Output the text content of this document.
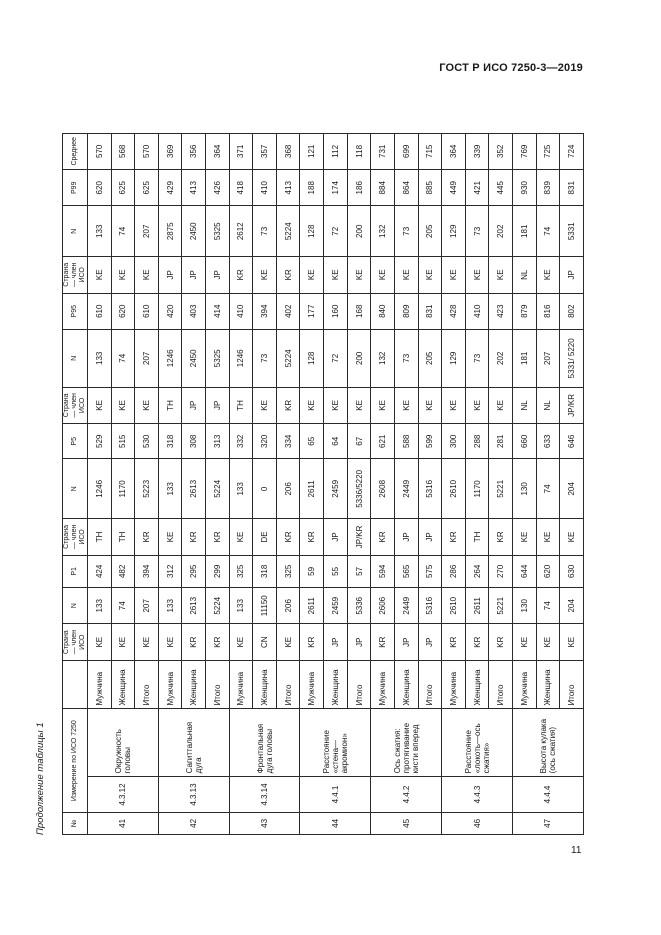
ГОСТ Р ИСО 7250-3—2019
Продолжение таблицы 1	№	Измерение по ИСО 7250			Страна — член ИСО	N	P1	Страна — член ИСО	N	P5	Страна — член ИСО	N	P95	Страна — член ИСО	N	P99	Среднее
41	4.3.12	Окружность головы	Мужчина	KE	133	424	TH	1246	529	KE	133	610	KE	133	620	570
			Женщина	KE	74	482	TH	1170	515	KE	74	620	KE	74	625	568
			Итого	KE	207	394	KR	5223	530	KE	207	610	KE	207	625	570
42	4.3.13	Сагиттальная дуга	Мужчина	KE	133	312	KE	133	318	TH	1246	420	JP	2875	429	369
			Женщина	KR	2613	295	KR	2613	308	JP	2450	403	JP	2450	413	356
			Итого	KR	5224	299	KR	5224	313	JP	5325	414	JP	5325	426	364
43	4.3.14	Фронтальная дуга головы	Мужчина	KE	133	325	KE	133	332	TH	1246	410	KR	2612	418	371
			Женщина	CN	11150	318	DE	0	320	KE	73	394	KE	73	410	357
			Итого	KE	206	325	KR	206	334	KR	5224	402	KR	5224	413	368
44	4.4.1	Расстояние «стена— акромион»	Мужчина	KR	2611	59	KR	2611	65	KE	128	177	KE	128	188	121
			Женщина	JP	2459	55	JP	2459	64	KE	72	160	KE	72	174	112
			Итого	JP	5336	57	JP/KR	5336/5220	67	KE	200	168	KE	200	186	118
45	4.4.2	Ось сжатия: протягивание кисти вперед	Мужчина	KR	2606	594	KR	2608	621	KE	132	840	KE	132	884	731
			Женщина	JP	2449	565	JP	2449	588	KE	73	809	KE	73	864	699
			Итого	JP	5316	575	JP	5316	599	KE	205	831	KE	205	885	715
46	4.4.3	Расстояние «локоть—ось сжатия»	Мужчина	KR	2610	286	KR	2610	300	KE	129	428	KE	129	449	364
			Женщина	KR	2611	264	TH	1170	288	KE	73	410	KE	73	421	339
			Итого	KR	5221	270	KR	5221	281	KE	202	423	KE	202	445	352
47	4.4.4	Высота кулака (ось сжатия)	Мужчина	KE	130	644	KE	130	660	NL	181	879	NL	181	930	769
			Женщина	KE	74	620	KE	74	633	NL	207	816	KE	74	839	725
			Итого	KE	204	630	KE	204	646	JP/KR	5331/ 5220	802	JP	5331	831	724
11
